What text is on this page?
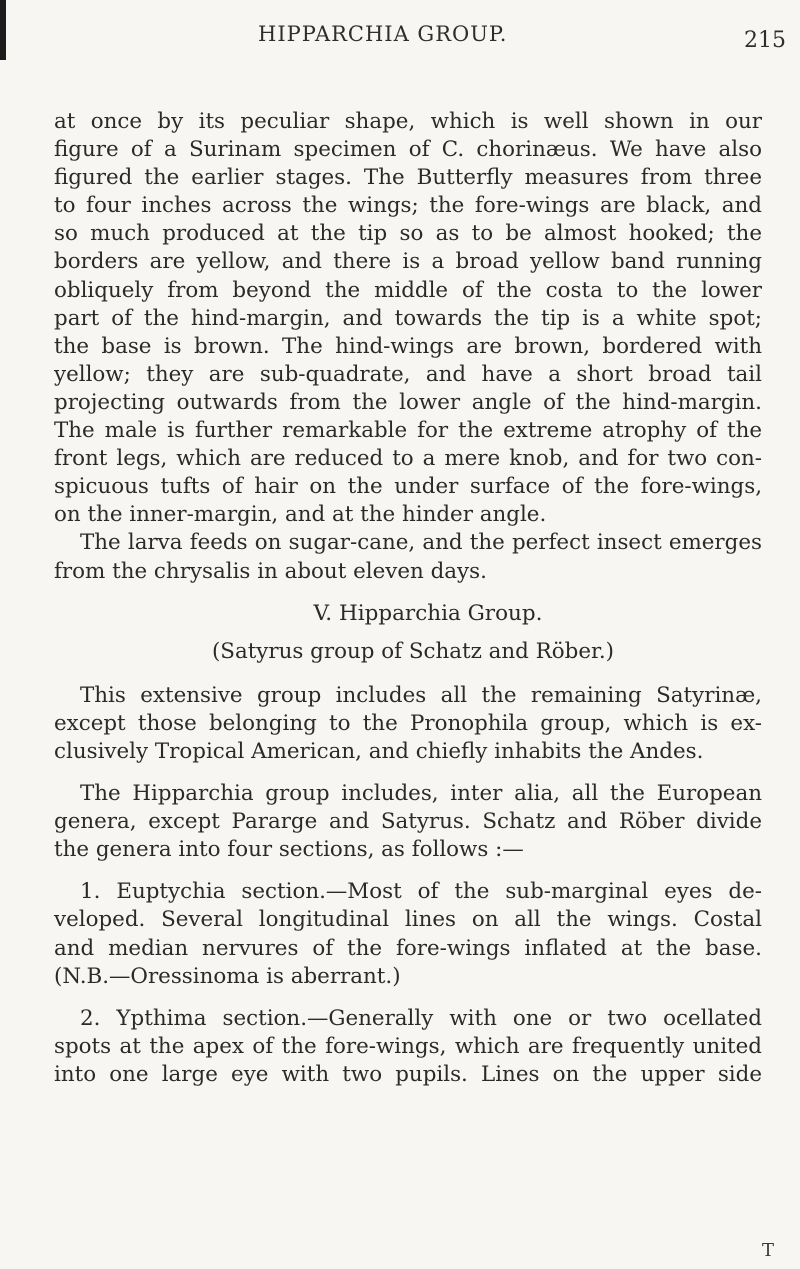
HIPPARCHIA GROUP.	215
at once by its peculiar shape, which is well shown in our
figure of a Surinam specimen of C. chorinæus. We have also
figured the earlier stages. The Butterfly measures from three
to four inches across the wings; the fore-wings are black, and
so much produced at the tip so as to be almost hooked; the
borders are yellow, and there is a broad yellow band running
obliquely from beyond the middle of the costa to the lower
part of the hind-margin, and towards the tip is a white spot;
the base is brown. The hind-wings are brown, bordered with
yellow; they are sub-quadrate, and have a short broad tail
projecting outwards from the lower angle of the hind-margin.
The male is further remarkable for the extreme atrophy of the
front legs, which are reduced to a mere knob, and for two con-
spicuous tufts of hair on the under surface of the fore-wings,
on the inner-margin, and at the hinder angle.
The larva feeds on sugar-cane, and the perfect insect emerges
from the chrysalis in about eleven days.
V. Hipparchia Group.
(Satyrus group of Schatz and Röber.)
This extensive group includes all the remaining Satyrinæ,
except those belonging to the Pronophila group, which is ex-
clusively Tropical American, and chiefly inhabits the Andes.
The Hipparchia group includes, inter alia, all the European
genera, except Pararge and Satyrus. Schatz and Röber divide
the genera into four sections, as follows :—
1. Euptychia section.—Most of the sub-marginal eyes de-
veloped. Several longitudinal lines on all the wings. Costal
and median nervures of the fore-wings inflated at the base.
(N.B.—Oressinoma is aberrant.)
2. Ypthima section.—Generally with one or two ocellated
spots at the apex of the fore-wings, which are frequently united
into one large eye with two pupils. Lines on the upper side
T
